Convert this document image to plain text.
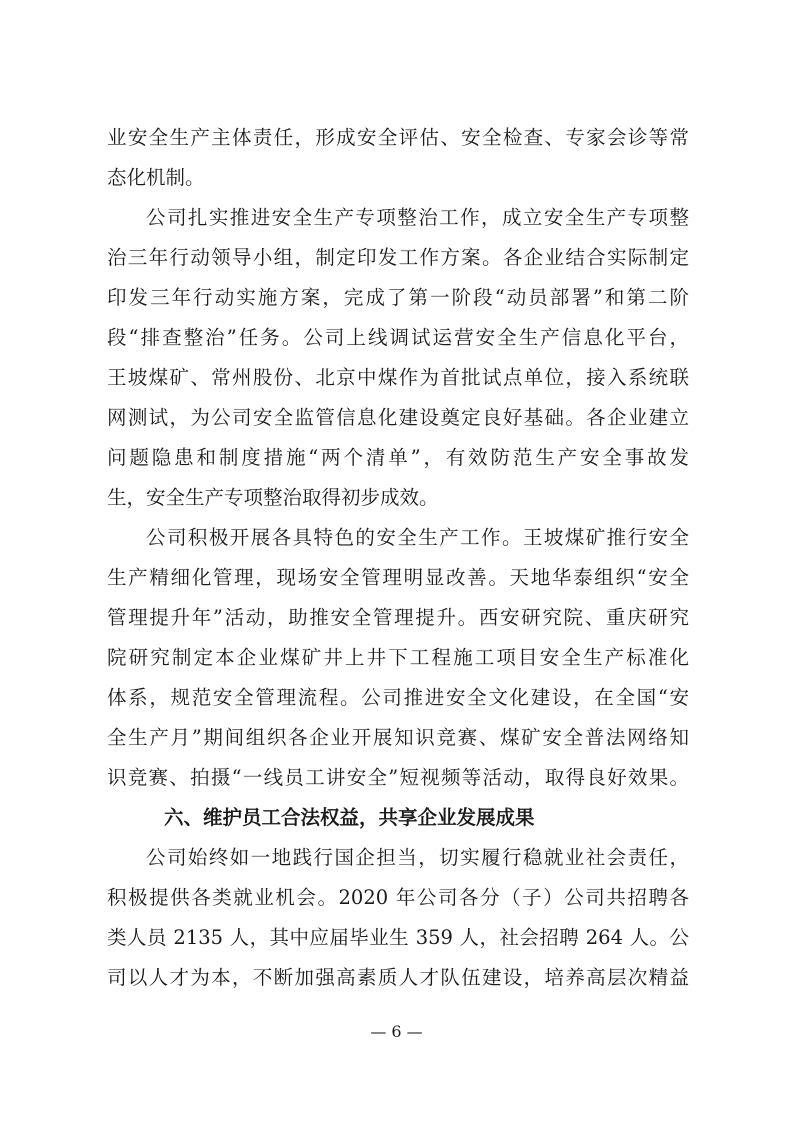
业安全生产主体责任，形成安全评估、安全检查、专家会诊等常
态化机制。
公司扎实推进安全生产专项整治工作，成立安全生产专项整
治三年行动领导小组，制定印发工作方案。各企业结合实际制定
印发三年行动实施方案，完成了第一阶段“动员部署”和第二阶
段“排查整治”任务。公司上线调试运营安全生产信息化平台，
王坡煤矿、常州股份、北京中煤作为首批试点单位，接入系统联
网测试，为公司安全监管信息化建设奠定良好基础。各企业建立
问题隐患和制度措施“两个清单”，有效防范生产安全事故发
生，安全生产专项整治取得初步成效。
公司积极开展各具特色的安全生产工作。王坡煤矿推行安全
生产精细化管理，现场安全管理明显改善。天地华泰组织“安全
管理提升年”活动，助推安全管理提升。西安研究院、重庆研究
院研究制定本企业煤矿井上井下工程施工项目安全生产标准化
体系，规范安全管理流程。公司推进安全文化建设，在全国“安
全生产月”期间组织各企业开展知识竞赛、煤矿安全普法网络知
识竞赛、拍摄“一线员工讲安全”短视频等活动，取得良好效果。
六、维护员工合法权益，共享企业发展成果
公司始终如一地践行国企担当，切实履行稳就业社会责任，
积极提供各类就业机会。2020 年公司各分（子）公司共招聘各
类人员 2135 人，其中应届毕业生 359 人，社会招聘 264 人。公
司以人才为本，不断加强高素质人才队伍建设，培养高层次精益
— 6 —
